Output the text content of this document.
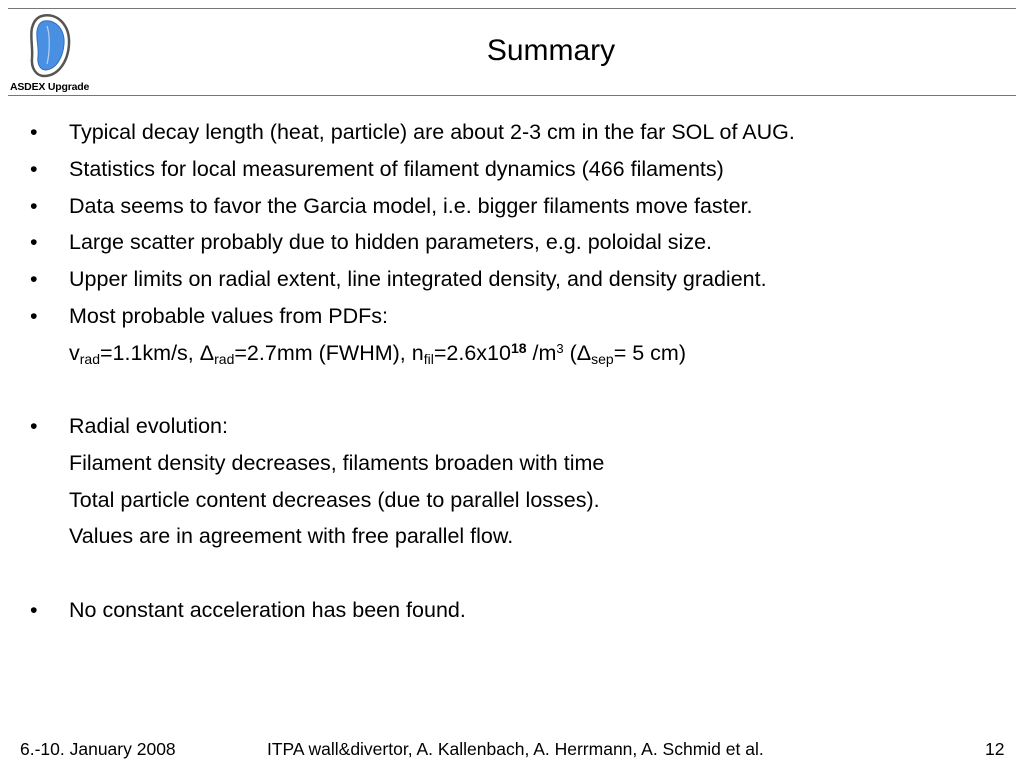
ASDEX Upgrade
Summary
• Typical decay length (heat, particle) are about 2-3 cm in the far SOL of AUG.
• Statistics for local measurement of filament dynamics (466 filaments)
• Data seems to favor the Garcia model, i.e. bigger filaments move faster.
• Large scatter probably due to hidden parameters, e.g. poloidal size.
• Upper limits on radial extent, line integrated density, and density gradient.
• Most probable values from PDFs:
$v_{rad}=1.1km/s$, $\Delta_{rad}=2.7mm$ (FWHM), $n_{fil}=2.6x10^{18}$ $/m^3$ ($\Delta_{sep}= 5$ cm)
• Radial evolution:
Filament density decreases, filaments broaden with time
Total particle content decreases (due to parallel losses).
Values are in agreement with free parallel flow.
• No constant acceleration has been found.
6.-10. January 2008	ITPA wall&divertor, A. Kallenbach, A. Herrmann, A. Schmid et al.	12
